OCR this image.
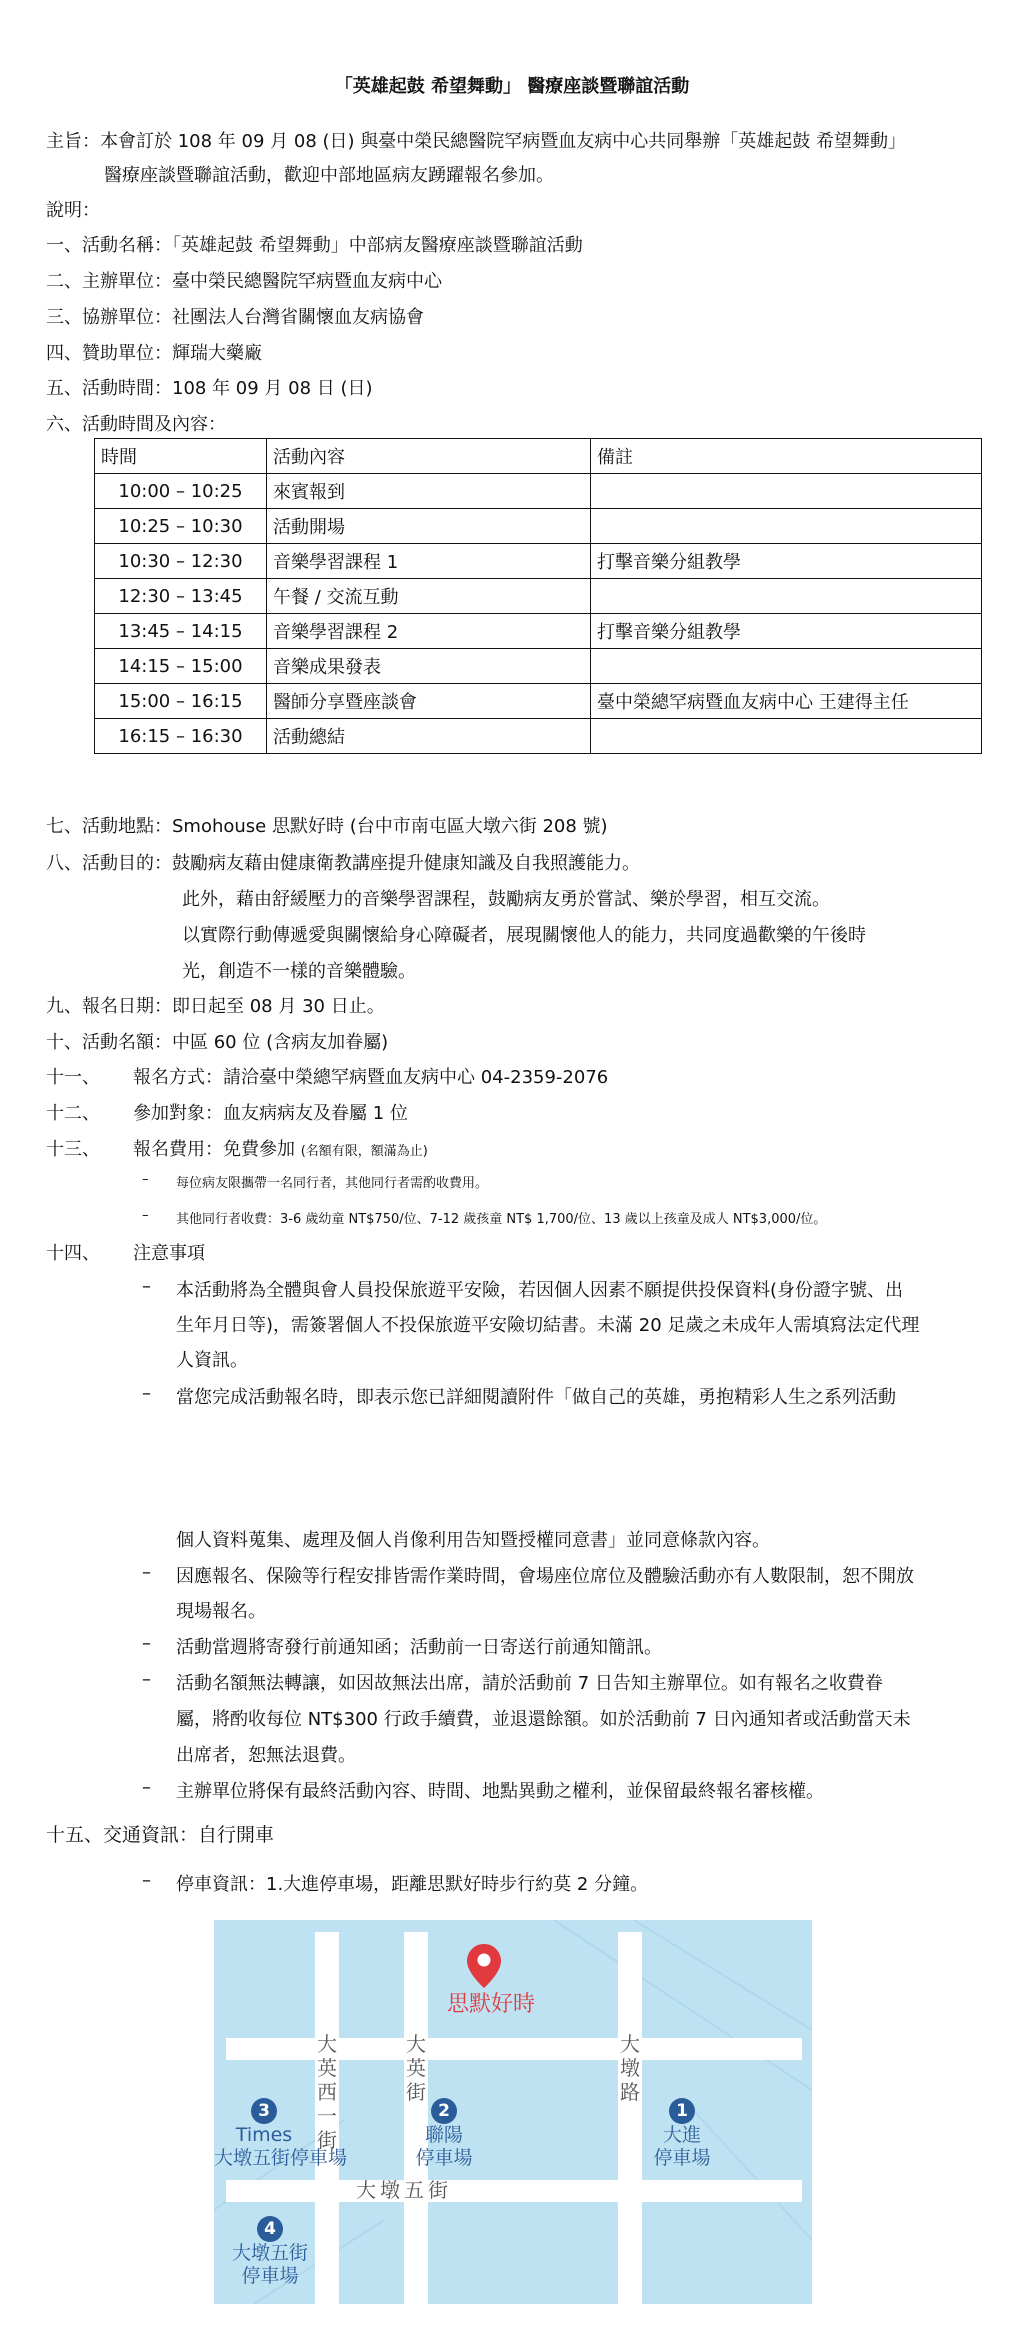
「英雄起鼓 希望舞動」 醫療座談暨聯誼活動
主旨：本會訂於 108 年 09 月 08 (日) 與臺中榮民總醫院罕病暨血友病中心共同舉辦「英雄起鼓 希望舞動」
醫療座談暨聯誼活動，歡迎中部地區病友踴躍報名參加。
說明：
一、活動名稱：「英雄起鼓 希望舞動」中部病友醫療座談暨聯誼活動
二、主辦單位：臺中榮民總醫院罕病暨血友病中心
三、協辦單位：社團法人台灣省關懷血友病協會
四、贊助單位：輝瑞大藥廠
五、活動時間：108 年 09 月 08 日 (日)
六、活動時間及內容：
時間	活動內容	備註
10:00 – 10:25	來賓報到	
10:25 – 10:30	活動開場	
10:30 – 12:30	音樂學習課程 1	打擊音樂分組教學
12:30 – 13:45	午餐 / 交流互動	
13:45 – 14:15	音樂學習課程 2	打擊音樂分組教學
14:15 – 15:00	音樂成果發表	
15:00 – 16:15	醫師分享暨座談會	臺中榮總罕病暨血友病中心 王建得主任
16:15 – 16:30	活動總結	
七、活動地點：Smohouse 思默好時 (台中市南屯區大墩六街 208 號)
八、活動目的：鼓勵病友藉由健康衛教講座提升健康知識及自我照護能力。
此外，藉由舒緩壓力的音樂學習課程，鼓勵病友勇於嘗試、樂於學習，相互交流。
以實際行動傳遞愛與關懷給身心障礙者，展現關懷他人的能力，共同度過歡樂的午後時
光，創造不一樣的音樂體驗。
九、報名日期：即日起至 08 月 30 日止。
十、活動名額：中區 60 位 (含病友加眷屬)
十一、 報名方式：請洽臺中榮總罕病暨血友病中心 04-2359-2076
十二、 參加對象：血友病病友及眷屬 1 位
十三、 報名費用：免費參加 (名額有限，額滿為止)
– 每位病友限攜帶一名同行者，其他同行者需酌收費用。
– 其他同行者收費：3-6 歲幼童 NT$750/位、7-12 歲孩童 NT$ 1,700/位、13 歲以上孩童及成人 NT$3,000/位。
十四、 注意事項
– 本活動將為全體與會人員投保旅遊平安險，若因個人因素不願提供投保資料(身份證字號、出
生年月日等)，需簽署個人不投保旅遊平安險切結書。未滿 20 足歲之未成年人需填寫法定代理
人資訊。
– 當您完成活動報名時，即表示您已詳細閱讀附件「做自己的英雄，勇抱精彩人生之系列活動
個人資料蒐集、處理及個人肖像利用告知暨授權同意書」並同意條款內容。
– 因應報名、保險等行程安排皆需作業時間，會場座位席位及體驗活動亦有人數限制，恕不開放
現場報名。
– 活動當週將寄發行前通知函；活動前一日寄送行前通知簡訊。
– 活動名額無法轉讓，如因故無法出席，請於活動前 7 日告知主辦單位。如有報名之收費眷
屬，將酌收每位 NT$300 行政手續費，並退還餘額。如於活動前 7 日內通知者或活動當天未
出席者，恕無法退費。
– 主辦單位將保有最終活動內容、時間、地點異動之權利，並保留最終報名審核權。
十五、交通資訊：自行開車
– 停車資訊：1.大進停車場，距離思默好時步行約莫 2 分鐘。
思默好時
大英西一街
大英街
大墩路
大墩五街
3
Times
大墩五街停車場
2
聯陽
停車場
1
大進
停車場
4
大墩五街
停車場
